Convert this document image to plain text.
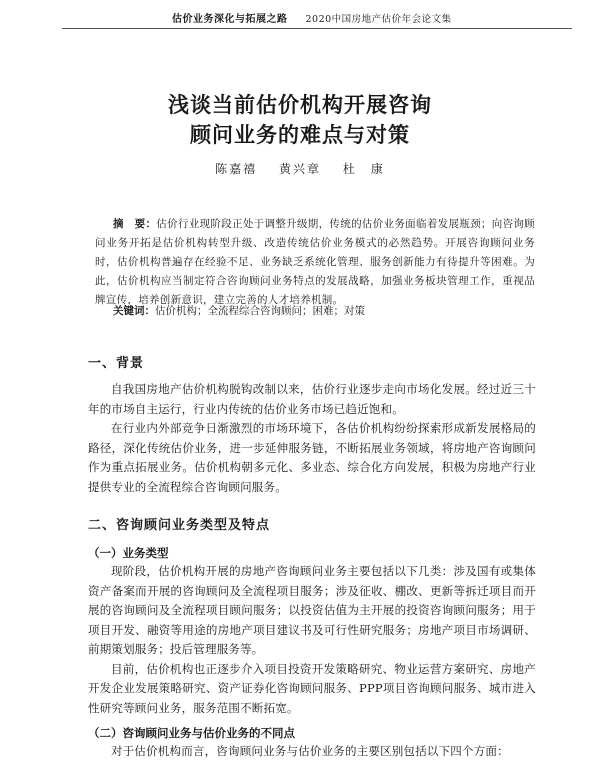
估价业务深化与拓展之路 2020中国房地产估价年会论文集
浅谈当前估价机构开展咨询
顾问业务的难点与对策
陈嘉禧 黄兴章 杜　康
摘　要：估价行业现阶段正处于调整升级期，传统的估价业务面临着发展瓶颈；向咨询顾问业务开拓是估价机构转型升级、改造传统估价业务模式的必然趋势。开展咨询顾问业务时，估价机构普遍存在经验不足、业务缺乏系统化管理、服务创新能力有待提升等困难。为此，估价机构应当制定符合咨询顾问业务特点的发展战略，加强业务板块管理工作，重视品牌宣传，培养创新意识，建立完善的人才培养机制。
关键词：估价机构；全流程综合咨询顾问；困难；对策
一、背景

自我国房地产估价机构脱钩改制以来，估价行业逐步走向市场化发展。经过近三十年的市场自主运行，行业内传统的估价业务市场已趋近饱和。

在行业内外部竞争日渐激烈的市场环境下，各估价机构纷纷探索形成新发展格局的路径，深化传统估价业务，进一步延伸服务链，不断拓展业务领域，将房地产咨询顾问作为重点拓展业务。估价机构朝多元化、多业态、综合化方向发展，积极为房地产行业提供专业的全流程综合咨询顾问服务。

二、咨询顾问业务类型及特点
（一）业务类型

现阶段，估价机构开展的房地产咨询顾问业务主要包括以下几类：涉及国有或集体资产备案而开展的咨询顾问及全流程项目服务；涉及征收、棚改、更新等拆迁项目而开展的咨询顾问及全流程项目顾问服务；以投资估值为主开展的投资咨询顾问服务；用于项目开发、融资等用途的房地产项目建议书及可行性研究服务；房地产项目市场调研、前期策划服务；投后管理服务等。

目前，估价机构也正逐步介入项目投资开发策略研究、物业运营方案研究、房地产开发企业发展策略研究、资产证券化咨询顾问服务、PPP项目咨询顾问服务、城市进入性研究等顾问业务，服务范围不断拓宽。

（二）咨询顾问业务与估价业务的不同点

对于估价机构而言，咨询顾问业务与估价业务的主要区别包括以下四个方面：
